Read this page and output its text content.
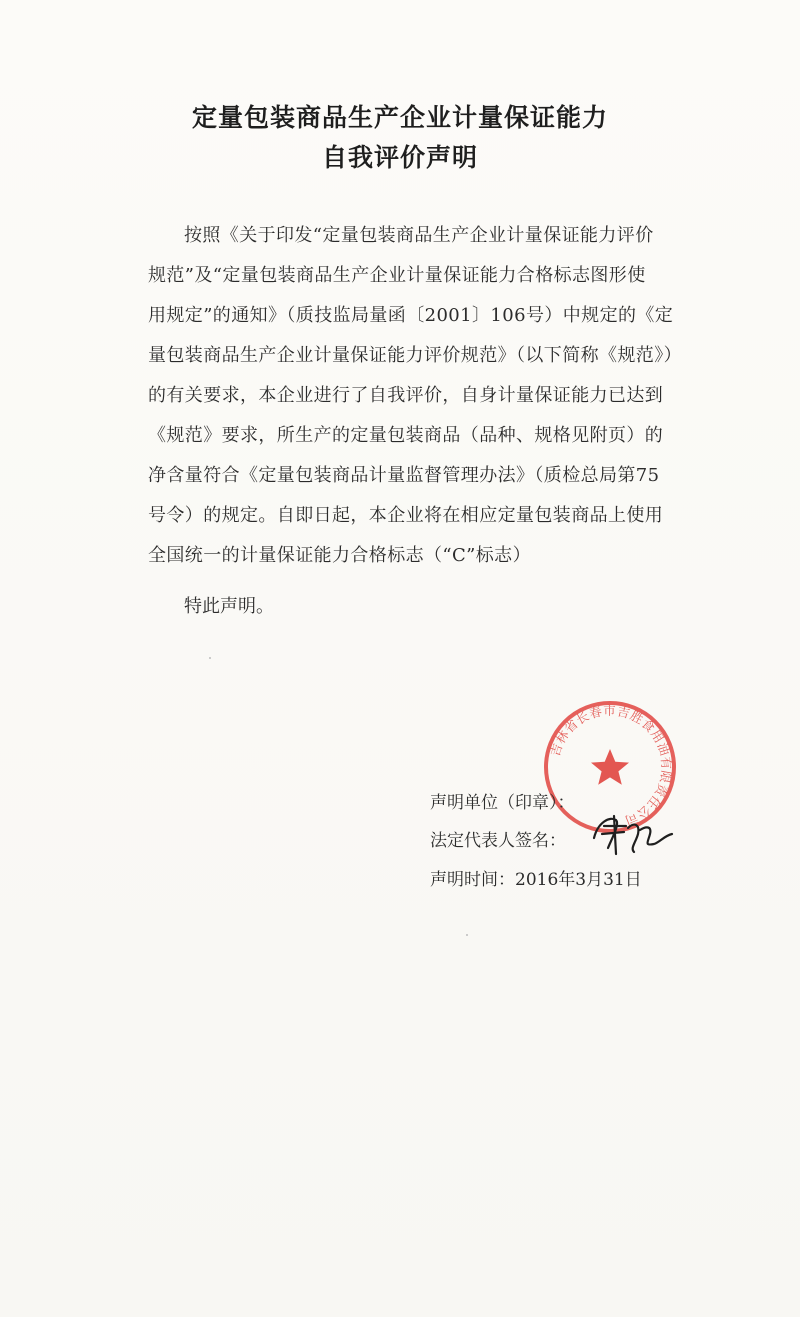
定量包装商品生产企业计量保证能力
自我评价声明
按照《关于印发“定量包装商品生产企业计量保证能力评价
规范”及“定量包装商品生产企业计量保证能力合格标志图形使
用规定”的通知》（质技监局量函〔2001〕106号）中规定的《定
量包装商品生产企业计量保证能力评价规范》（以下简称《规范》）
的有关要求，本企业进行了自我评价，自身计量保证能力已达到
《规范》要求，所生产的定量包装商品（品种、规格见附页）的
净含量符合《定量包装商品计量监督管理办法》（质检总局第75
号令）的规定。自即日起，本企业将在相应定量包装商品上使用
全国统一的计量保证能力合格标志（“C”标志）
特此声明。
吉林省长春市吉胜食用油有限责任公司
声明单位（印章）：
法定代表人签名：
声明时间：2016年3月31日
